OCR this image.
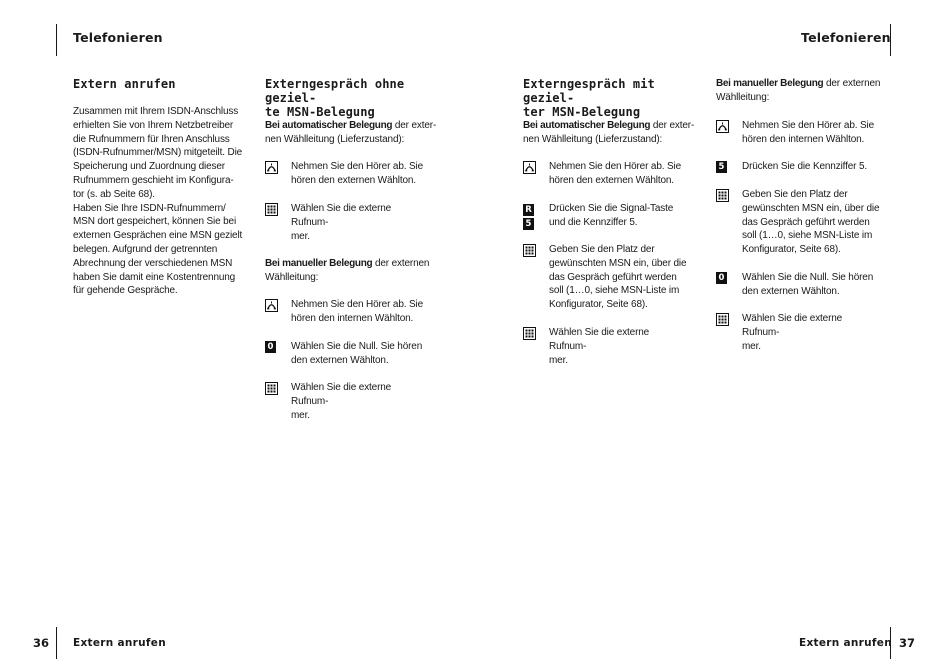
Telefonieren	Telefonieren

Extern anrufen

Zusammen mit Ihrem ISDN-Anschluss
erhielten Sie von Ihrem Netzbetreiber
die Rufnummern für Ihren Anschluss
(ISDN-Rufnummer/MSN) mitgeteilt. Die
Speicherung und Zuordnung dieser
Rufnummern geschieht im Konfigura-
tor (s. ab Seite 68).
Haben Sie Ihre ISDN-Rufnummern/
MSN dort gespeichert, können Sie bei
externen Gesprächen eine MSN gezielt
belegen. Aufgrund der getrennten
Abrechnung der verschiedenen MSN
haben Sie damit eine Kostentrennung
für gehende Gespräche.

Externgespräch ohne geziel-
te MSN-Belegung

Bei automatischer Belegung der exter-
nen Wählleitung (Lieferzustand):

Nehmen Sie den Hörer ab. Sie
hören den externen Wählton.
Wählen Sie die externe Rufnum-
mer.

Bei manueller Belegung der externen
Wählleitung:

Nehmen Sie den Hörer ab. Sie
hören den internen Wählton.
0 Wählen Sie die Null. Sie hören
den externen Wählton.
Wählen Sie die externe Rufnum-
mer.

Externgespräch mit geziel-
ter MSN-Belegung

Bei automatischer Belegung der exter-
nen Wählleitung (Lieferzustand):

Nehmen Sie den Hörer ab. Sie
hören den externen Wählton.
R
5
Drücken Sie die Signal-Taste
und die Kennziffer 5.
Geben Sie den Platz der
gewünschten MSN ein, über die
das Gespräch geführt werden
soll (1…0, siehe MSN-Liste im
Konfigurator, Seite 68).
Wählen Sie die externe Rufnum-
mer.

Bei manueller Belegung der externen
Wählleitung:

Nehmen Sie den Hörer ab. Sie
hören den internen Wählton.
5 Drücken Sie die Kennziffer 5.
Geben Sie den Platz der
gewünschten MSN ein, über die
das Gespräch geführt werden
soll (1…0, siehe MSN-Liste im
Konfigurator, Seite 68).
0 Wählen Sie die Null. Sie hören
den externen Wählton.
Wählen Sie die externe Rufnum-
mer.
36 Extern anrufen	Extern anrufen 37
